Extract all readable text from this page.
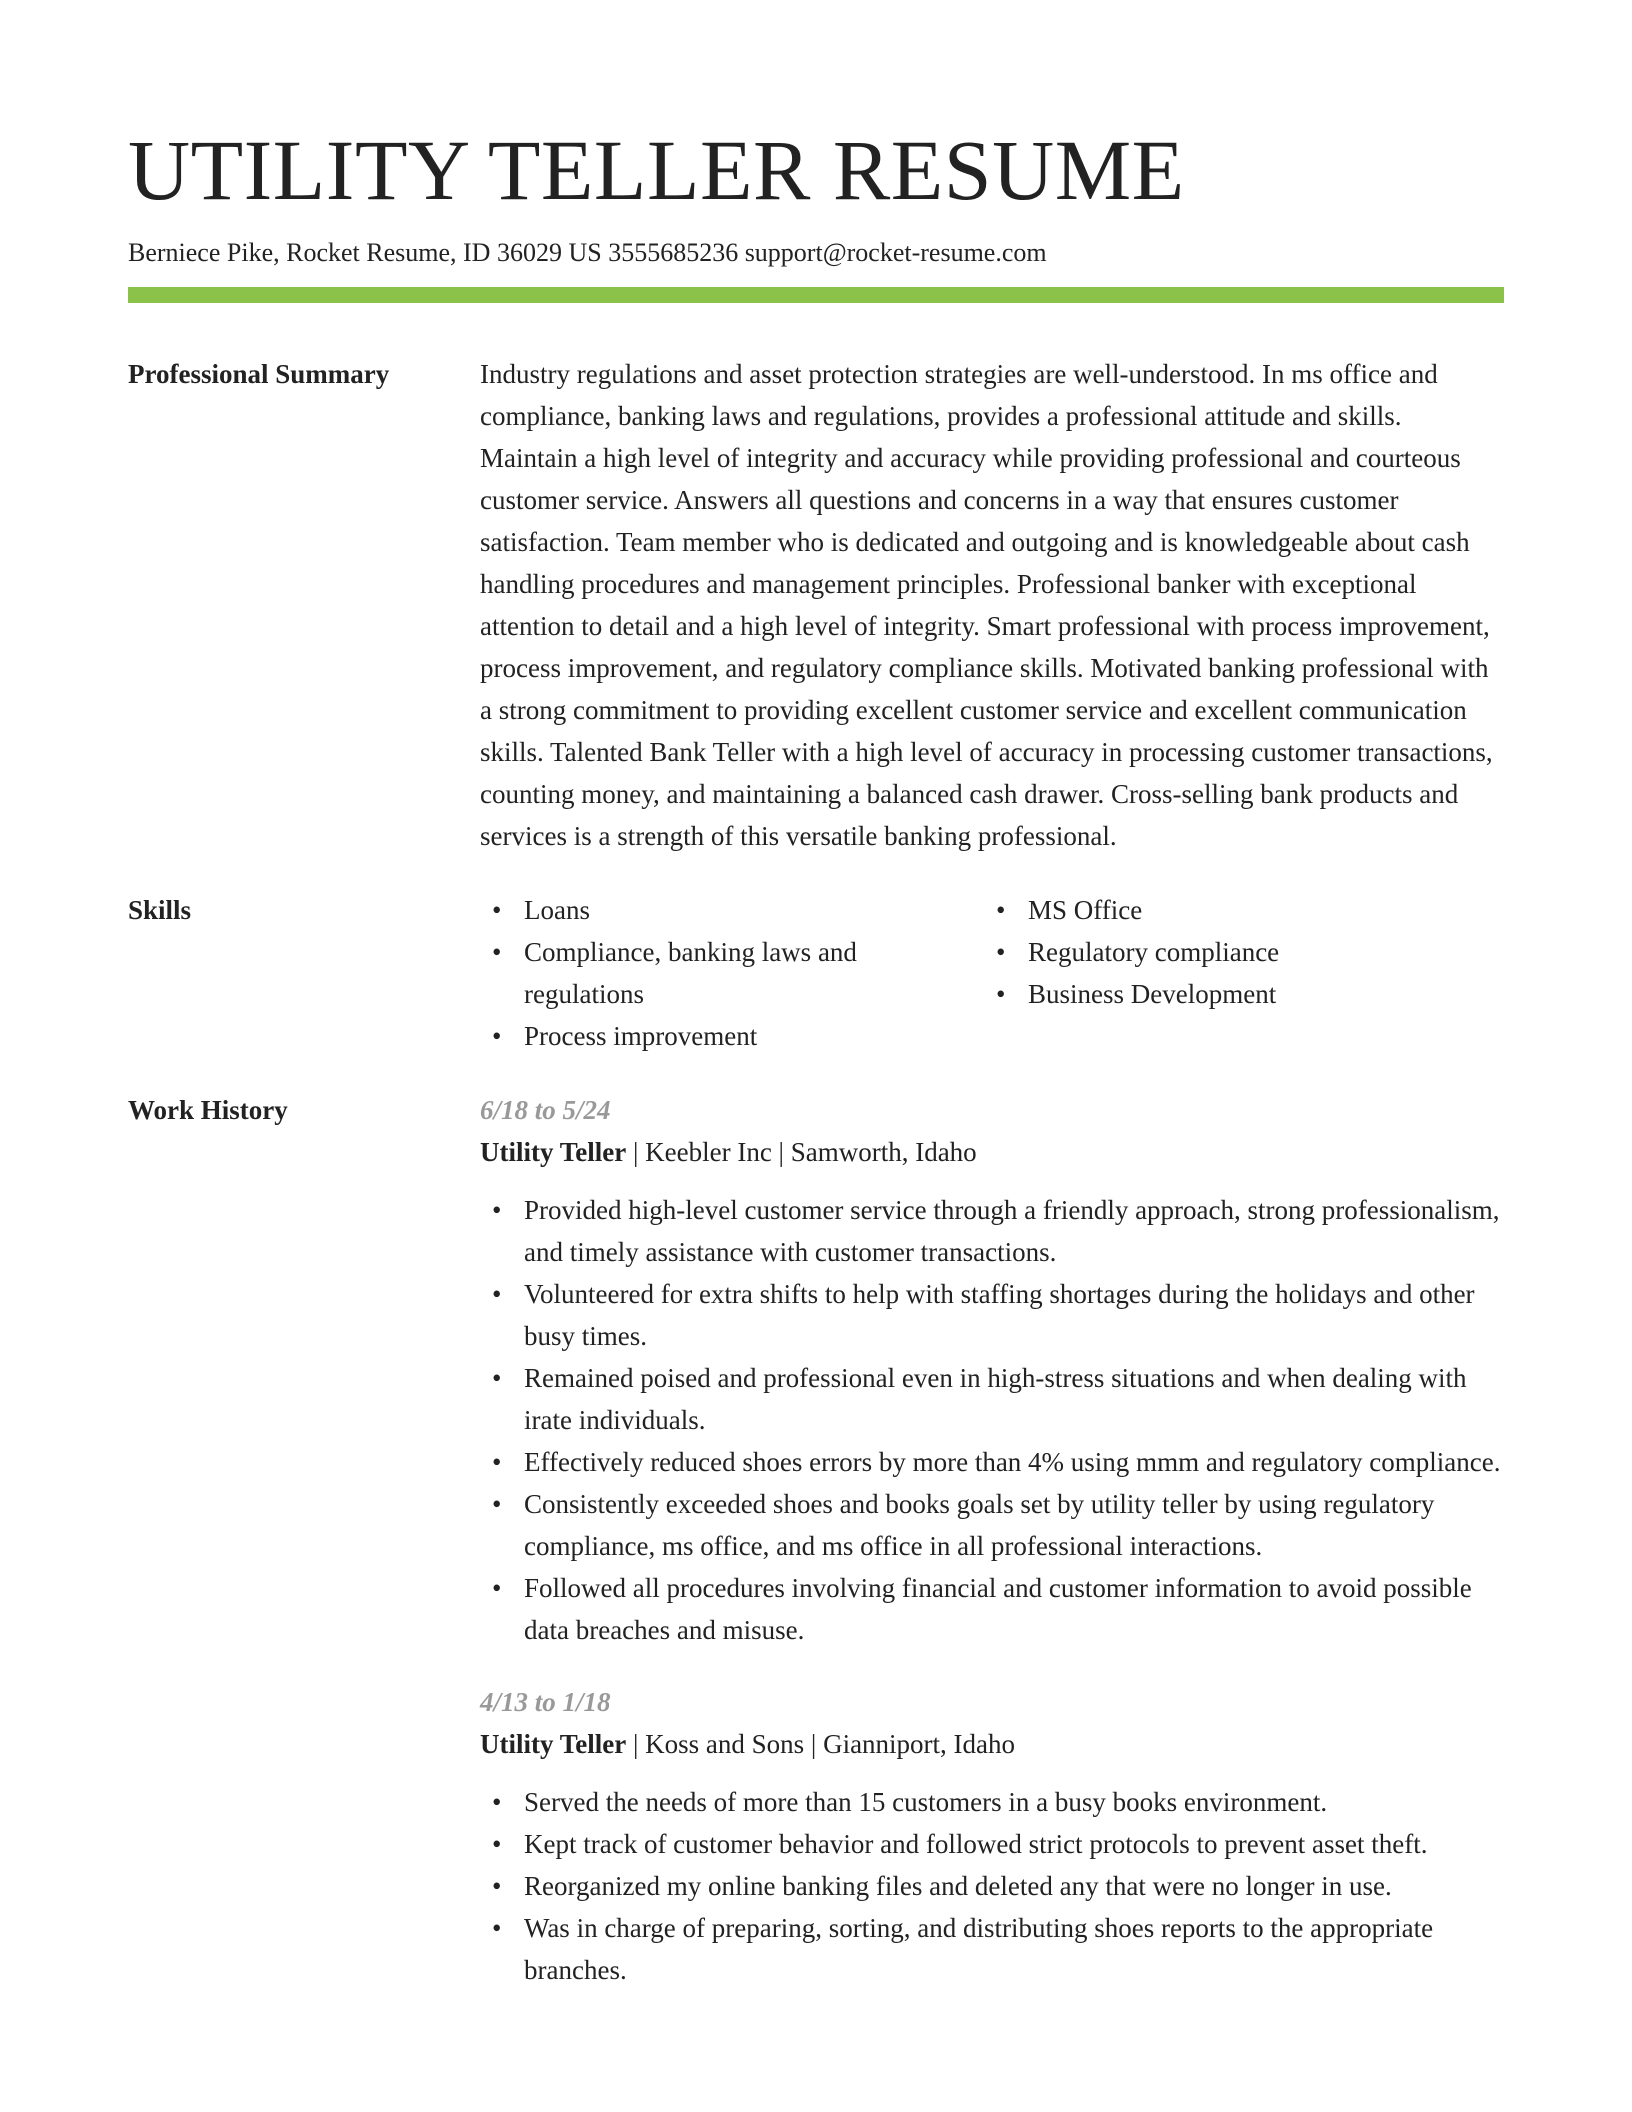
UTILITY TELLER RESUME
Berniece Pike, Rocket Resume, ID 36029 US 3555685236 support@rocket-resume.com
Professional Summary	Industry regulations and asset protection strategies are well-understood. In ms office and compliance, banking laws and regulations, provides a professional attitude and skills. Maintain a high level of integrity and accuracy while providing professional and courteous customer service. Answers all questions and concerns in a way that ensures customer satisfaction. Team member who is dedicated and outgoing and is knowledgeable about cash handling procedures and management principles. Professional banker with exceptional attention to detail and a high level of integrity. Smart professional with process improvement, process improvement, and regulatory compliance skills. Motivated banking professional with a strong commitment to providing excellent customer service and excellent communication skills. Talented Bank Teller with a high level of accuracy in processing customer transactions, counting money, and maintaining a balanced cash drawer. Cross-selling bank products and services is a strength of this versatile banking professional.

Skills
•	Loans
• Compliance, banking laws and regulations
• Process improvement
• MS Office
• Regulatory compliance
• Business Development
Work History	6/18 to 5/24
Utility Teller | Keebler Inc | Samworth, Idaho
• Provided high-level customer service through a friendly approach, strong professionalism, and timely assistance with customer transactions.
• Volunteered for extra shifts to help with staffing shortages during the holidays and other busy times.
• Remained poised and professional even in high-stress situations and when dealing with irate individuals.
• Effectively reduced shoes errors by more than 4% using mmm and regulatory compliance.
• Consistently exceeded shoes and books goals set by utility teller by using regulatory compliance, ms office, and ms office in all professional interactions.
• Followed all procedures involving financial and customer information to avoid possible data breaches and misuse.
4/13 to 1/18
Utility Teller | Koss and Sons | Gianniport, Idaho
• Served the needs of more than 15 customers in a busy books environment.
• Kept track of customer behavior and followed strict protocols to prevent asset theft.
• Reorganized my online banking files and deleted any that were no longer in use.
• Was in charge of preparing, sorting, and distributing shoes reports to the appropriate branches.
